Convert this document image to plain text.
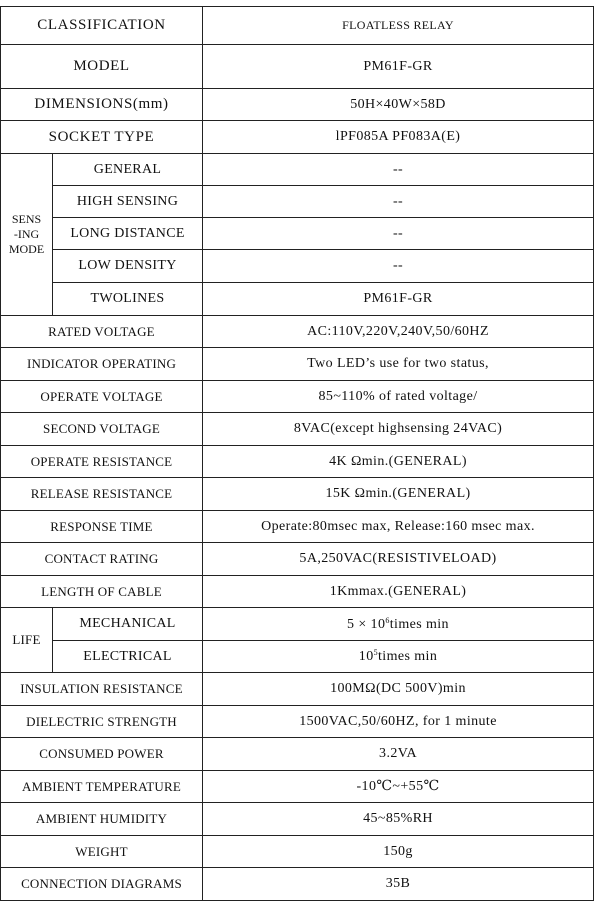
CLASSIFICATION		FLOATLESS RELAY
MODEL		PM61F-GR
DIMENSIONS(mm)		50H×40W×58D
SOCKET TYPE		lPF085A PF083A(E)
SENS
-ING
MODE	GENERAL	--
	HIGH SENSING	--
	LONG DISTANCE	--
	LOW DENSITY	--
	TWOLINES	PM61F-GR
RATED VOLTAGE		AC:110V,220V,240V,50/60HZ
INDICATOR OPERATING		Two LED’s use for two status,
OPERATE VOLTAGE		85~110% of rated voltage/
SECOND VOLTAGE		8VAC(except highsensing 24VAC)
OPERATE RESISTANCE		4K Ωmin.(GENERAL)
RELEASE RESISTANCE		15K Ωmin.(GENERAL)
RESPONSE TIME		Operate:80msec max, Release:160 msec max.
CONTACT RATING		5A,250VAC(RESISTIVELOAD)
LENGTH OF CABLE		1Kmmax.(GENERAL)
LIFE	MECHANICAL	$5 \times 10^6times$ min
	ELECTRICAL	$10^5times$ min
INSULATION RESISTANCE		100MΩ(DC 500V)min
DIELECTRIC STRENGTH		1500VAC,50/60HZ, for 1 minute
CONSUMED POWER		3.2VA
AMBIENT TEMPERATURE		-10℃~+55℃
AMBIENT HUMIDITY		45~85%RH
WEIGHT		150g
CONNECTION DIAGRAMS		35B
